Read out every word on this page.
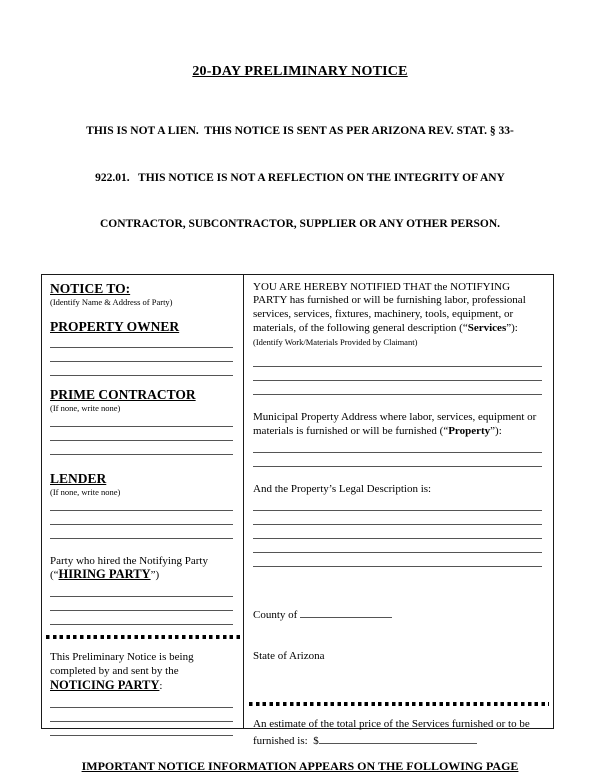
20-DAY PRELIMINARY NOTICE

THIS IS NOT A LIEN.  THIS NOTICE IS SENT AS PER ARIZONA REV. STAT. § 33-

922.01.   THIS NOTICE IS NOT A REFLECTION ON THE INTEGRITY OF ANY

CONTRACTOR, SUBCONTRACTOR, SUPPLIER OR ANY OTHER PERSON.

NOTICE TO:
(Identify Name & Address of Party)
PROPERTY OWNER
PRIME CONTRACTOR
(If none, write none)
LENDER
(If none, write none)
Party who hired the Notifying Party (“HIRING PARTY”)
This Preliminary Notice is being completed by and sent by the NOTICING PARTY:
YOU ARE HEREBY NOTIFIED THAT the NOTIFYING PARTY has furnished or will be furnishing labor, professional services, services, fixtures, machinery, tools, equipment, or materials, of the following general description (“Services”):
(Identify Work/Materials Provided by Claimant)
Municipal Property Address where labor, services, equipment or materials is furnished or will be furnished (“Property”):
And the Property’s Legal Description is:

County of

State of Arizona

An estimate of the total price of the Services furnished or to be furnished is:  $
IMPORTANT NOTICE INFORMATION APPEARS ON THE FOLLOWING PAGE
